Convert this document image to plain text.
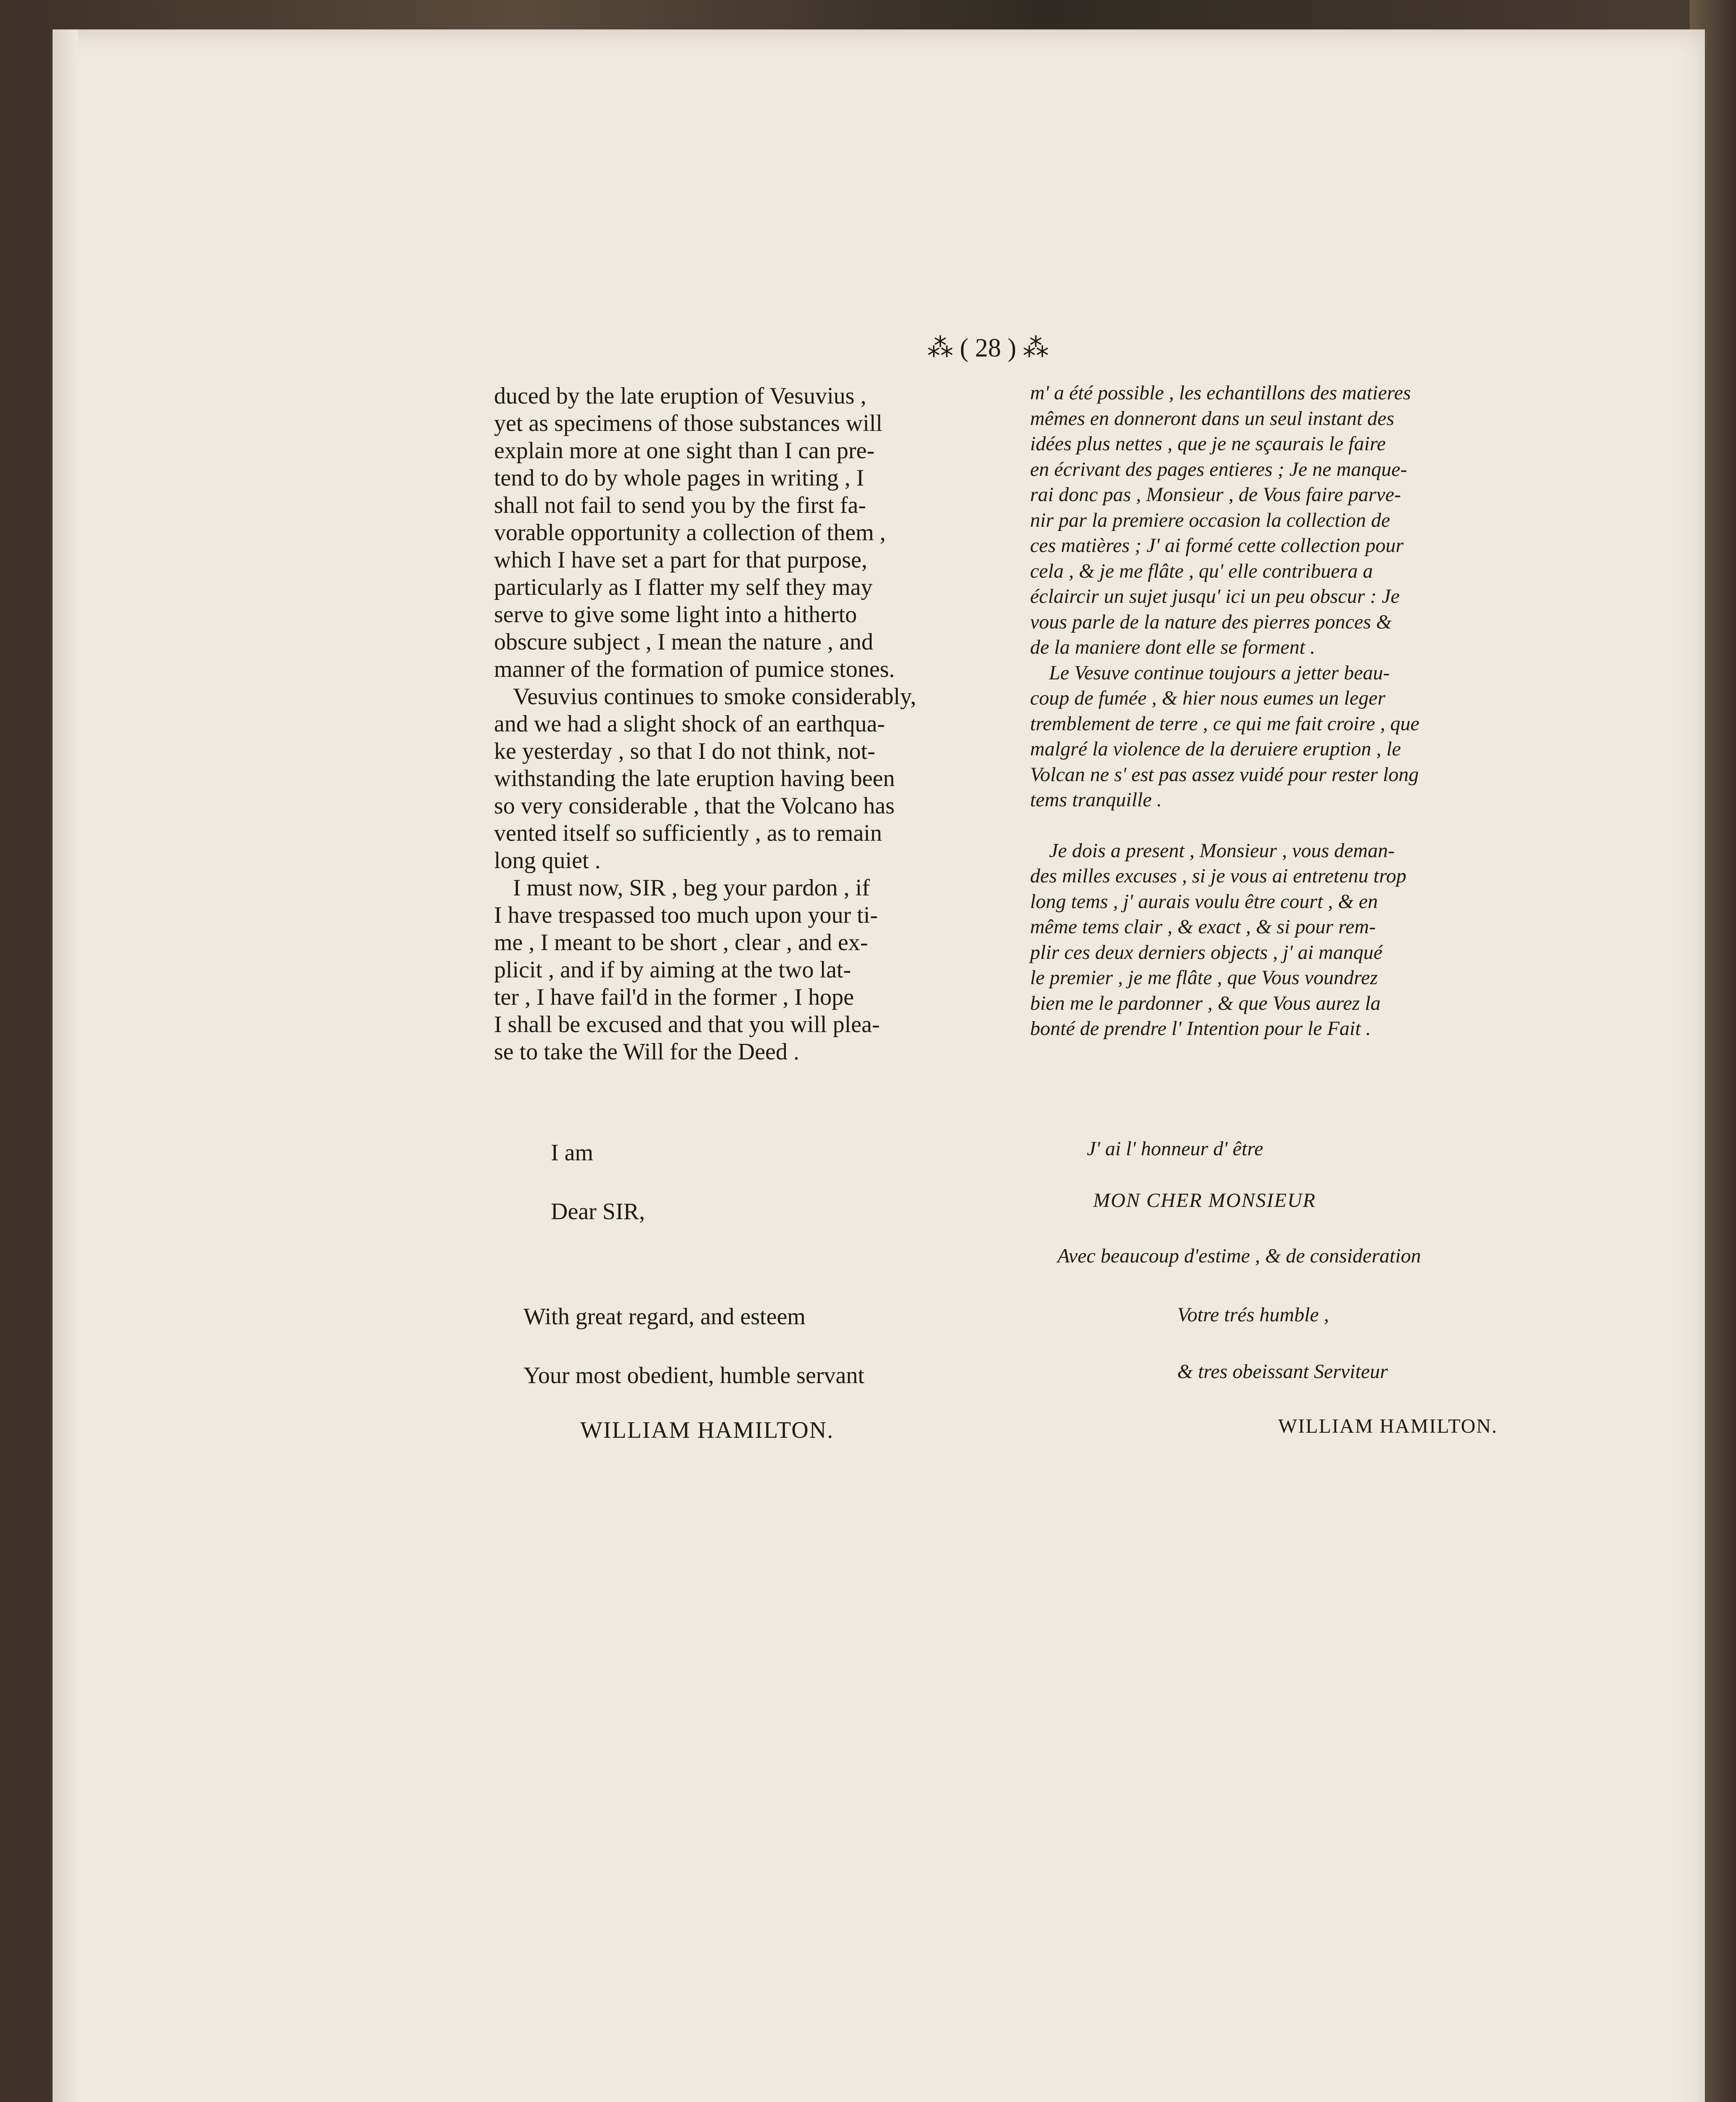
⁂ ( 28 ) ⁂
duced by the late eruption of Vesuvius ,
yet as specimens of those substances will
explain more at one sight than I can pre-
tend to do by whole pages in writing , I
shall not fail to send you by the first fa-
vorable opportunity a collection of them ,
which I have set a part for that purpose,
particularly as I flatter my self they may
serve to give some light into a hitherto
obscure subject , I mean the nature , and
manner of the formation of pumice stones.
Vesuvius continues to smoke considerably,
and we had a slight shock of an earthqua-
ke yesterday , so that I do not think, not-
withstanding the late eruption having been
so very considerable , that the Volcano has
vented itself so sufficiently , as to remain
long quiet .
I must now, SIR , beg your pardon , if
I have trespassed too much upon your ti-
me , I meant to be short , clear , and ex-
plicit , and if by aiming at the two lat-
ter , I have fail'd in the former , I hope
I shall be excused and that you will plea-
se to take the Will for the Deed .
m' a été possible , les echantillons des matieres
mêmes en donneront dans un seul instant des
idées plus nettes , que je ne sçaurais le faire
en écrivant des pages entieres ; Je ne manque-
rai donc pas , Monsieur , de Vous faire parve-
nir par la premiere occasion la collection de
ces matières ; J' ai formé cette collection pour
cela , & je me flâte , qu' elle contribuera a
éclaircir un sujet jusqu' ici un peu obscur : Je
vous parle de la nature des pierres ponces &
de la maniere dont elle se forment .
Le Vesuve continue toujours a jetter beau-
coup de fumée , & hier nous eumes un leger
tremblement de terre , ce qui me fait croire , que
malgré la violence de la deruiere eruption , le
Volcan ne s' est pas assez vuidé pour rester long
tems tranquille .
Je dois a present , Monsieur , vous deman-
des milles excuses , si je vous ai entretenu trop
long tems , j' aurais voulu être court , & en
même tems clair , & exact , & si pour rem-
plir ces deux derniers objects , j' ai manqué
le premier , je me flâte , que Vous voundrez
bien me le pardonner , & que Vous aurez la
bonté de prendre l' Intention pour le Fait .
I am
Dear SIR,
With great regard, and esteem
Your most obedient, humble servant
WILLIAM HAMILTON.
J' ai l' honneur d' être
MON CHER MONSIEUR
Avec beaucoup d'estime , & de consideration
Votre trés humble ,
& tres obeissant Serviteur
WILLIAM HAMILTON.
